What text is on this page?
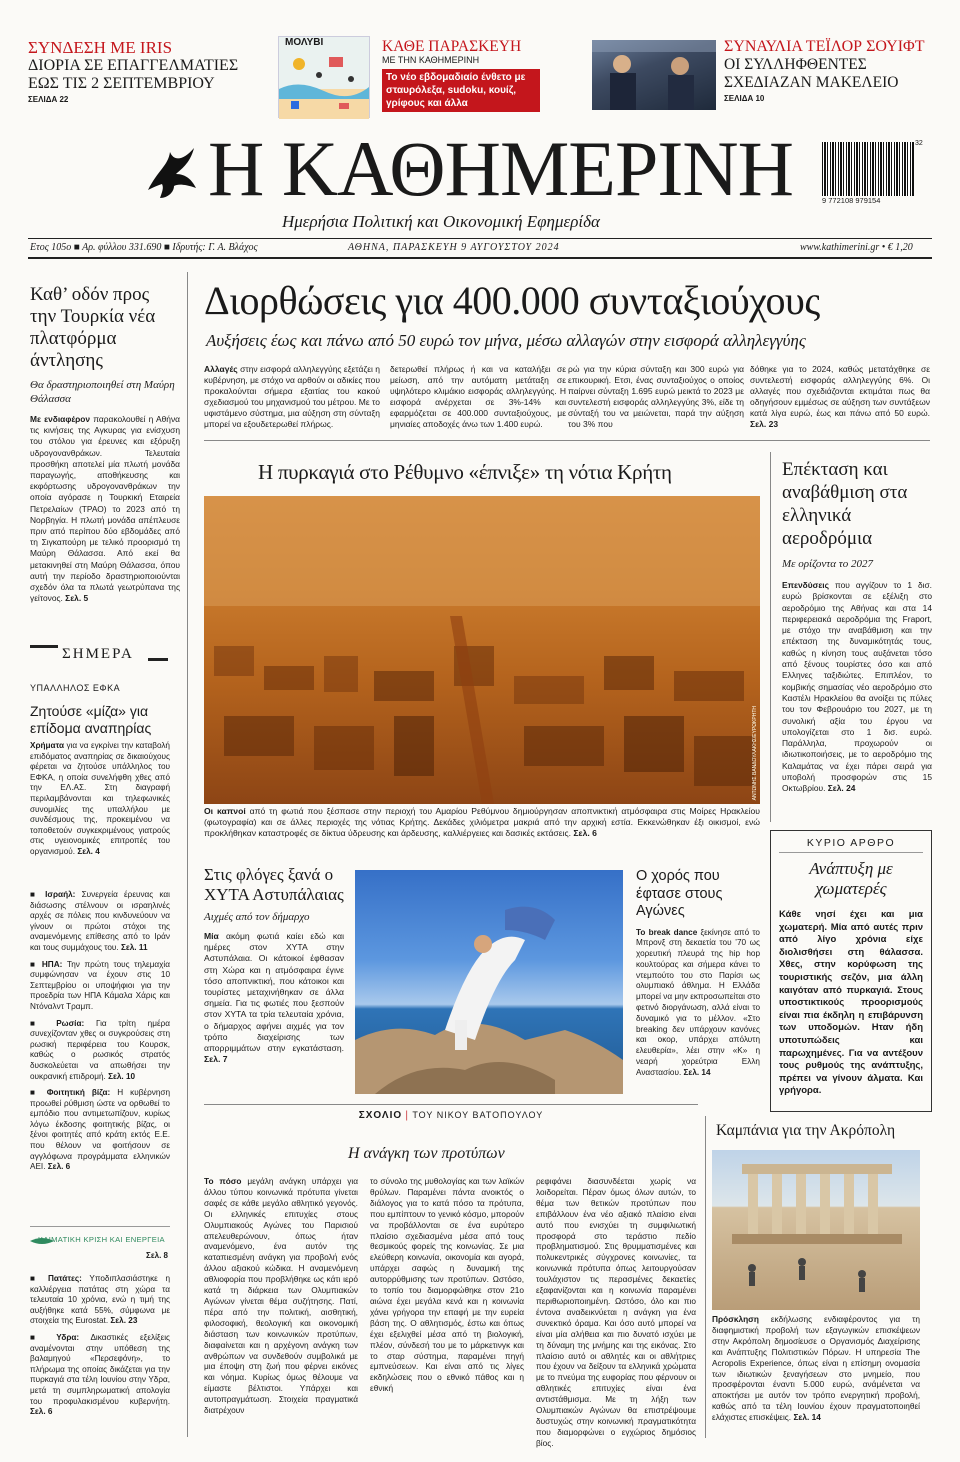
ΣΥΝΔΕΣΗ ΜΕ IRIS
ΔΙΟΡΙΑ ΣΕ ΕΠΑΓΓΕΛΜΑΤΙΕΣ ΕΩΣ ΤΙΣ 2 ΣΕΠΤΕΜΒΡΙΟΥ
ΣΕΛΙΔΑ 22
ΜΟΛΥΒΙ	ΚΑΘΕ ΠΑΡΑΣΚΕΥΗ
ΜΕ ΤΗΝ ΚΑΘΗΜΕΡΙΝΗ
Το νέο εβδομαδιαίο ένθετο με σταυρόλεξα, sudoku, κουίζ, γρίφους και άλλα
ΣΥΝΑΥΛΙΑ ΤΕΪΛΟΡ ΣΟΥΙΦΤ
ΟΙ ΣΥΛΛΗΦΘΕΝΤΕΣ ΣΧΕΔΙΑΖΑΝ ΜΑΚΕΛΕΙΟ
ΣΕΛΙΔΑ 10
Η ΚΑΘΗΜΕΡΙΝΗ
Ημερήσια Πολιτική και Οικονομική Εφημερίδα
9 772108 979154
32
Ετος 105ο ■ Αρ. φύλλου 331.690 ■ Ιδρυτής: Γ. Α. Βλάχος	ΑΘΗΝΑ, ΠΑΡΑΣΚΕΥΗ 9 ΑΥΓΟΥΣΤΟΥ 2024	www.kathimerini.gr • € 1,20
Καθ’ οδόν προς την Τουρκία νέα πλατφόρμα άντλησης
Θα δραστηριοποιηθεί στη Μαύρη Θάλασσα
Με ενδιαφέρον παρακολουθεί η Αθήνα τις κινήσεις της Αγκυρας για ενίσχυση του στόλου για έρευνες και εξόρυξη υδρογονανθράκων. Τελευταία προσθήκη αποτελεί μία πλωτή μονάδα παραγωγής, αποθήκευσης και εκφόρτωσης υδρογονανθράκων την οποία αγόρασε η Τουρκική Εταιρεία Πετρελαίων (ΤΡΑΟ) το 2023 από τη Νορβηγία. Η πλωτή μονάδα απέπλευσε πριν από περίπου δύο εβδομάδες από τη Σιγκαπούρη με τελικό προορισμό τη Μαύρη Θάλασσα. Από εκεί θα μετακινηθεί στη Μαύρη Θάλασσα, όπου αυτή την περίοδο δραστηριοποιούνται σχεδόν όλα τα πλωτά γεωτρύπανα της γείτονος. Σελ. 5
ΣΗΜΕΡΑ
ΥΠΑΛΛΗΛΟΣ ΕΦΚΑ
Ζητούσε «μίζα» για επίδομα αναπηρίας
Χρήματα για να εγκρίνει την καταβολή επιδόματος αναπηρίας σε δικαιούχους φέρεται να ζητούσε υπάλληλος του ΕΦΚΑ, η οποία συνελήφθη χθες από την ΕΛ.ΑΣ. Στη διαγραφή περιλαμβάνονται και τηλεφωνικές συνομιλίες της υπαλλήλου με συνδέσμους της, προκειμένου να τοποθετούν συγκεκριμένους γιατρούς στις υγειονομικές επιτροπές του οργανισμού. Σελ. 4
■ Ισραήλ: Συνεργεία έρευνας και διάσωσης στέλνουν οι ισραηλινές αρχές σε πόλεις που κινδυνεύουν να γίνουν οι πρώτοι στόχοι της αναμενόμενης επίθεσης από το Ιράν και τους συμμάχους του. Σελ. 11
■ ΗΠΑ: Την πρώτη τους τηλεμαχία συμφώνησαν να έχουν στις 10 Σεπτεμβρίου οι υποψήφιοι για την προεδρία των ΗΠΑ Κάμαλα Χάρις και Ντόναλντ Τραμπ.
■ Ρωσία: Για τρίτη ημέρα συνεχίζονταν χθες οι συγκρούσεις στη ρωσική περιφέρεια του Κουρσκ, καθώς ο ρωσικός στρατός δυσκολεύεται να απωθήσει την ουκρανική επιδρομή. Σελ. 10
■ Φοιτητική βίζα: Η κυβέρνηση προωθεί ρύθμιση ώστε να ορθωθεί το εμπόδιο που αντιμετωπίζουν, κυρίως λόγω έκδοσης φοιτητικής βίζας, οι ξένοι φοιτητές από κράτη εκτός Ε.Ε. που θέλουν να φοιτήσουν σε αγγλόφωνα προγράμματα ελληνικών ΑΕΙ. Σελ. 6
ΚΛΙΜΑΤΙΚΗ ΚΡΙΣΗ ΚΑΙ ΕΝΕΡΓΕΙΑ
Σελ. 8
■ Πατάτες: Υποδιπλασιάστηκε η καλλιέργεια πατάτας στη χώρα τα τελευταία 10 χρόνια, ενώ η τιμή της αυξήθηκε κατά 55%, σύμφωνα με στοιχεία της Eurostat. Σελ. 23
■ Υδρα: Δικαστικές εξελίξεις αναμένονται στην υπόθεση της βαλαμηγού «Περσεφόνη», το πλήρωμα της οποίας δικάζεται για την πυρκαγιά στα τέλη Ιουνίου στην Υδρα, μετά τη συμπληρωματική απολογία του προφυλακισμένου κυβερνήτη. Σελ. 6
Διορθώσεις για 400.000 συνταξιούχους
Αυξήσεις έως και πάνω από 50 ευρώ τον μήνα, μέσω αλλαγών στην εισφορά αλληλεγγύης
Αλλαγές στην εισφορά αλληλεγγύης εξετάζει η κυβέρνηση, με στόχο να αρθούν οι αδικίες που προκαλούνται σήμερα εξαιτίας του κακού σχεδιασμού του μηχανισμού του μέτρου. Με το υφιστάμενο σύστημα, μια αύξηση στη σύνταξη μπορεί να εξουδετερωθεί πλήρως.
δετερωθεί πλήρως ή και να καταλήξει σε μείωση, από την αυτόματη μετάταξη σε υψηλότερο κλιμάκιο εισφοράς αλληλεγγύης. Η εισφορά ανέρχεται σε 3%-14% και εφαρμόζεται σε 400.000 συνταξιούχους, με μηνιαίες αποδοχές άνω των 1.400 ευρώ.
ρώ για την κύρια σύνταξη και 300 ευρώ για επικουρική. Ετσι, ένας συνταξιούχος ο οποίος παίρνει σύνταξη 1.695 ευρώ μεικτά το 2023 με συντελεστή εισφοράς αλληλεγγύης 3%, είδε τη σύνταξή του να μειώνεται, παρά την αύξηση του 3% που
δόθηκε για το 2024, καθώς μετατάχθηκε σε συντελεστή εισφοράς αλληλεγγύης 6%. Οι αλλαγές που σχεδιάζονται εκτιμάται πως θα οδηγήσουν εμμέσως σε αύξηση των συντάξεων κατά λίγα ευρώ, έως και πάνω από 50 ευρώ. Σελ. 23
Η πυρκαγιά στο Ρέθυμνο «έπνιξε» τη νότια Κρήτη
ΑΝΤΩΝΗΣ ΒΑΝΔΟΥΛΑΚΗΣ/ΕΥΡΩΚΡΗΤΗ
Οι καπνοί από τη φωτιά που ξέσπασε στην περιοχή του Αμαρίου Ρεθύμνου δημιούργησαν αποπνικτική ατμόσφαιρα στις Μοίρες Ηρακλείου (φωτογραφία) και σε άλλες περιοχές της νότιας Κρήτης. Δεκάδες χιλιόμετρα μακριά από την αρχική εστία. Εκκενώθηκαν έξι οικισμοί, ενώ προκλήθηκαν καταστροφές σε δίκτυα ύδρευσης και άρδευσης, καλλιέργειες και δασικές εκτάσεις. Σελ. 6
Επέκταση και αναβάθμιση στα ελληνικά αεροδρόμια
Με ορίζοντα το 2027
Επενδύσεις που αγγίζουν το 1 δισ. ευρώ βρίσκονται σε εξέλιξη στο αεροδρόμιο της Αθήνας και στα 14 περιφερειακά αεροδρόμια της Fraport, με στόχο την αναβάθμιση και την επέκταση της δυναμικότητάς τους, καθώς η κίνηση τους αυξάνεται τόσο από ξένους τουρίστες όσο και από Ελληνες ταξιδιώτες. Επιπλέον, το κομβικής σημασίας νέο αεροδρόμιο στο Καστέλι Ηρακλείου θα ανοίξει τις πύλες του τον Φεβρουάριο του 2027, με τη συνολική αξία του έργου να υπολογίζεται στο 1 δισ. ευρώ. Παράλληλα, προχωρούν οι ιδιωτικοποιήσεις, με το αεροδρόμιο της Καλαμάτας να έχει πάρει σειρά για υποβολή προσφορών στις 15 Οκτωβρίου. Σελ. 24
ΚΥΡΙΟ ΑΡΘΡΟ
Ανάπτυξη με χωματερές
Κάθε νησί έχει και μια χωματερή. Μία από αυτές πριν από λίγο χρόνια είχε διολισθήσει στη θάλασσα. Χθες, στην κορύφωση της τουριστικής σεζόν, μια άλλη καιγόταν από πυρκαγιά. Στους υποστικτικούς προορισμούς είναι πια έκδηλη η επιβάρυνση των υποδομών. Ηταν ήδη υποτυπώδεις και παρωχημένες. Για να αντέξουν τους ρυθμούς της ανάπτυξης, πρέπει να γίνουν άλματα. Και γρήγορα.
Στις φλόγες ξανά ο ΧΥΤΑ Αστυπάλαιας
Αιχμές από τον δήμαρχο
Μία ακόμη φωτιά καίει εδώ και ημέρες στον ΧΥΤΑ στην Αστυπάλαια. Οι κάτοικοί έφθασαν στη Χώρα και η ατμόσφαιρα έγινε τόσο αποπνικτική, που κάτοικοι και τουρίστες μεταχινήθηκαν σε άλλα σημεία. Για τις φωτιές που ξεσπούν στον ΧΥΤΑ τα τρία τελευταία χρόνια, ο δήμαρχος αφήνει αιχμές για τον τρόπο διαχείρισης των απορριμμάτων στην εγκατάσταση. Σελ. 7
Ο χορός που έφτασε στους Αγώνες
Το break dance ξεκίνησε από το Μπρονξ στη δεκαετία του ’70 ως χορευτική πλευρά της hip hop κουλτούρας και σήμερα κάνει το ντεμπούτο του στο Παρίσι ως ολυμπιακό άθλημα. Η Ελλάδα μπορεί να μην εκπροσωπείται στο φετινό διοργάνωση, αλλά είναι το δυναμικό για το μέλλον. «Στο breaking δεν υπάρχουν κανόνες και οκορ, υπάρχει απόλυτη ελευθερία», λέει στην «Κ» η νεαρή χορεύτρια Ελλη Αναστασίου. Σελ. 14
ΣΧΟΛΙΟ | ΤΟΥ ΝΙΚΟΥ ΒΑΤΟΠΟΥΛΟΥ
Η ανάγκη των προτύπων
Το πόσο μεγάλη ανάγκη υπάρχει για άλλου τύπου κοινωνικά πρότυπα γίνεται σαφές σε κάθε μεγάλο αθλητικό γεγονός. Οι ελληνικές επιτυχίες στους Ολυμπιακούς Αγώνες του Παρισιού απελευθερώνουν, όπως ήταν αναμενόμενο, ένα αυτόν της καταπιεσμένη ανάγκη για προβολή ενός άλλου αξιακού κώδικα. Η αναμενόμενη αθλιοφορία που προβλήθηκε ως κάτι ιερό κατά τη διάρκεια των Ολυμπιακών Αγώνων γίνεται θέμα συζήτησης. Πατί, πέρα από την πολιτική, αισθητική, φιλοσοφική, θεολογική και οικονομική διάσταση των κοινωνικών προτύπων, διαφαίνεται και η αρχέγονη ανάγκη των ανθρώπων να συνδεθούν συμβολικά με μια έποψη στη ζωή που φέρνει εικόνες και νόημα. Κυρίως όμως θέλουμε να είμαστε βέλτιστοι. Υπάρχει και αυτοπραγμάτωση. Στοιχεία πραγματικά διατρέχουν
το σύνολο της μυθολογίας και των λαϊκών θρύλων. Παραμένει πάντα ανοικτός ο διάλογος για το κατά πόσο τα πρότυπα, που εμπίπτουν το γενικό κόσμο, μπορούν να προβάλλονται σε ένα ευρύτερο πλαίσιο σχεδιασμένα μέσα από τους θεσμικούς φορείς της κοινωνίας. Σε μια ελεύθερη κοινωνία, οικονομία και αγορά, υπάρχει σαφώς η δυναμική της αυτορρύθμισης των προτύπων. Ωστόσο, το τοπίο του διαμορφώθηκε στον 21ο αιώνα έχει μεγάλα κενά και η κοινωνία χάνει γρήγορα την επαφή με την ευρεία βάση της. Ο αθλητισμός, έστω και όπως έχει εξελιχθεί μέσα από τη βιολογική, πλέον, σύνδεσή του με το μάρκετινγκ και το σταρ σύστημα, παραμένει πηγή εμπνεύσεων. Και είναι από τις λίγες εκδηλώσεις που ο εθνικό πάθος και η εθνική
ρεφιφάνει διασυνδέεται χωρίς να λοιδορείται. Πέραν όμως όλων αυτών, το θέμα των θετικών προτύπων που επιβάλλουν ένα νέο αξιακό πλαίσιο είναι αυτό που ενισχύει τη συμφιλιωτική προσφορά στο τεράστιο πεδίο προβληματισμού. Στις θρυμματισμένες και πολυκεντρικές σύγχρονες κοινωνίες, τα κοινωνικά πρότυπα όπως λειτουργούσαν τουλάχιστον τις περασμένες δεκαετίες εξαφανίζονται και η κοινωνία παραμένει περιθωριοποιημένη. Ωστόσο, όλο και πιο έντονα αναδεικνύεται η ανάγκη για ένα συνεκτικό όραμα. Και όσο αυτό μπορεί να είναι μία αλήθεια και πιο δυνατό ισχύει με τη δύναμη της μνήμης και της εικόνας. Στο πλαίσιο αυτό οι αθλητές και οι αθλήτριες που έχουν να δείξουν τα ελληνικά χρώματα με το πνεύμα της ευφορίας που φέρνουν οι αθλητικές επιτυχίες είναι ένα αντιστάθμισμα. Με τη λήξη των Ολυμπιακών Αγώνων θα επιστρέψουμε δυστυχώς στην κοινωνική πραγματικότητα που διαμορφώνει ο εγχώριος δημόσιος βίος.
Καμπάνια για την Ακρόπολη
Πρόσκληση εκδήλωσης ενδιαφέροντος για τη διαφημιστική προβολή των εξαγωγικών επισκέψεων στην Ακρόπολη δημοσίευσε ο Οργανισμός Διαχείρισης και Ανάπτυξης Πολιτιστικών Πόρων. Η υπηρεσία The Acropolis Experience, όπως είναι η επίσημη ονομασία των ιδιωτικών ξεναγήσεων στο μνημείο, που προσφέρονται έναντι 5.000 ευρώ, ανάμένεται να αποκτήσει με αυτόν τον τρόπο ενεργητική προβολή, καθώς από τα τέλη Ιουνίου έχουν πραγματοποιηθεί ελάχιστες επισκέψεις. Σελ. 14
